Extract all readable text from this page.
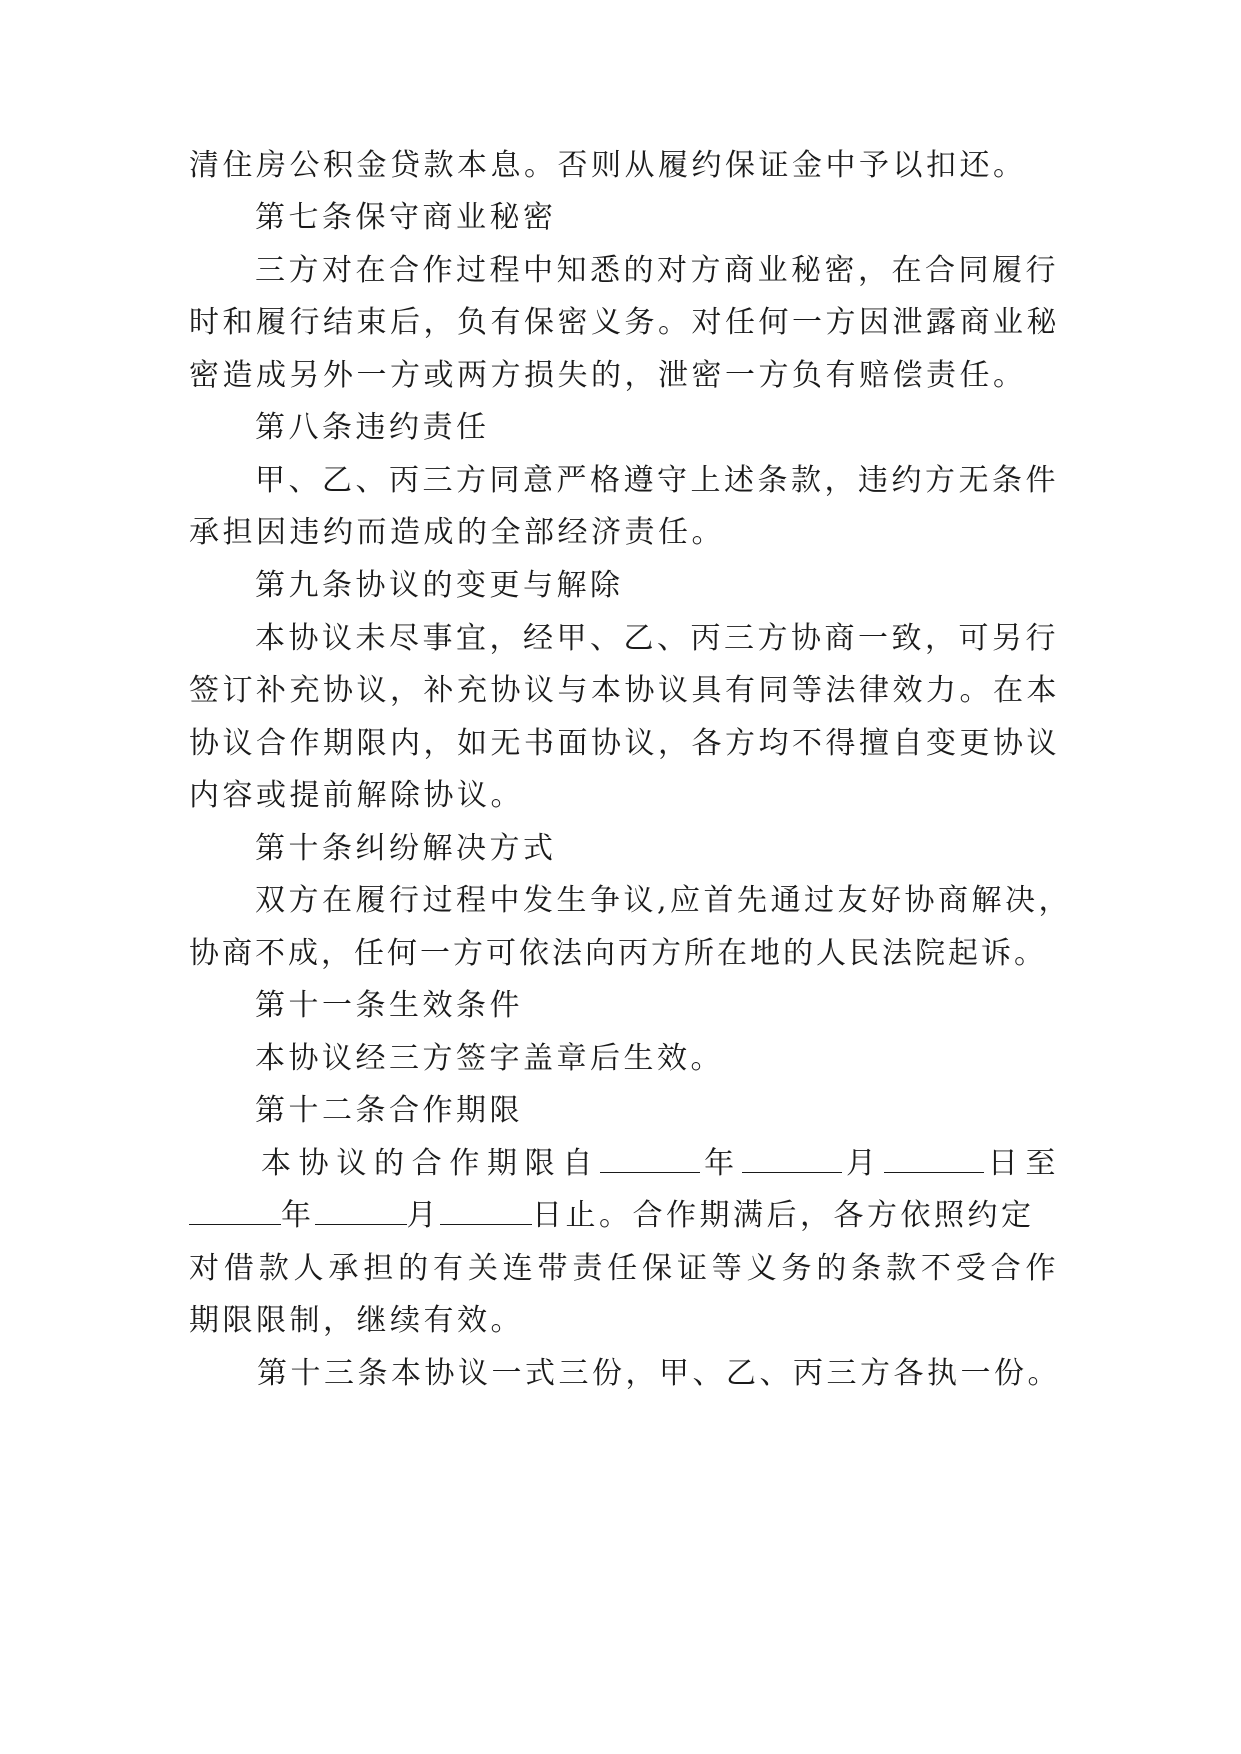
清住房公积金贷款本息。否则从履约保证金中予以扣还。
第七条保守商业秘密
三方对在合作过程中知悉的对方商业秘密，在合同履行
时和履行结束后，负有保密义务。对任何一方因泄露商业秘
密造成另外一方或两方损失的，泄密一方负有赔偿责任。
第八条违约责任
甲、乙、丙三方同意严格遵守上述条款，违约方无条件
承担因违约而造成的全部经济责任。
第九条协议的变更与解除
本协议未尽事宜，经甲、乙、丙三方协商一致，可另行
签订补充协议，补充协议与本协议具有同等法律效力。在本
协议合作期限内，如无书面协议，各方均不得擅自变更协议
内容或提前解除协议。
第十条纠纷解决方式
双方在履行过程中发生争议,应首先通过友好协商解决，
协商不成，任何一方可依法向丙方所在地的人民法院起诉。
第十一条生效条件
本协议经三方签字盖章后生效。
第十二条合作期限
本协议的合作期限自	年	月	日至
年	月	日止。合作期满后，各方依照约定
对借款人承担的有关连带责任保证等义务的条款不受合作
期限限制，继续有效。
第十三条本协议一式三份，甲、乙、丙三方各执一份。
